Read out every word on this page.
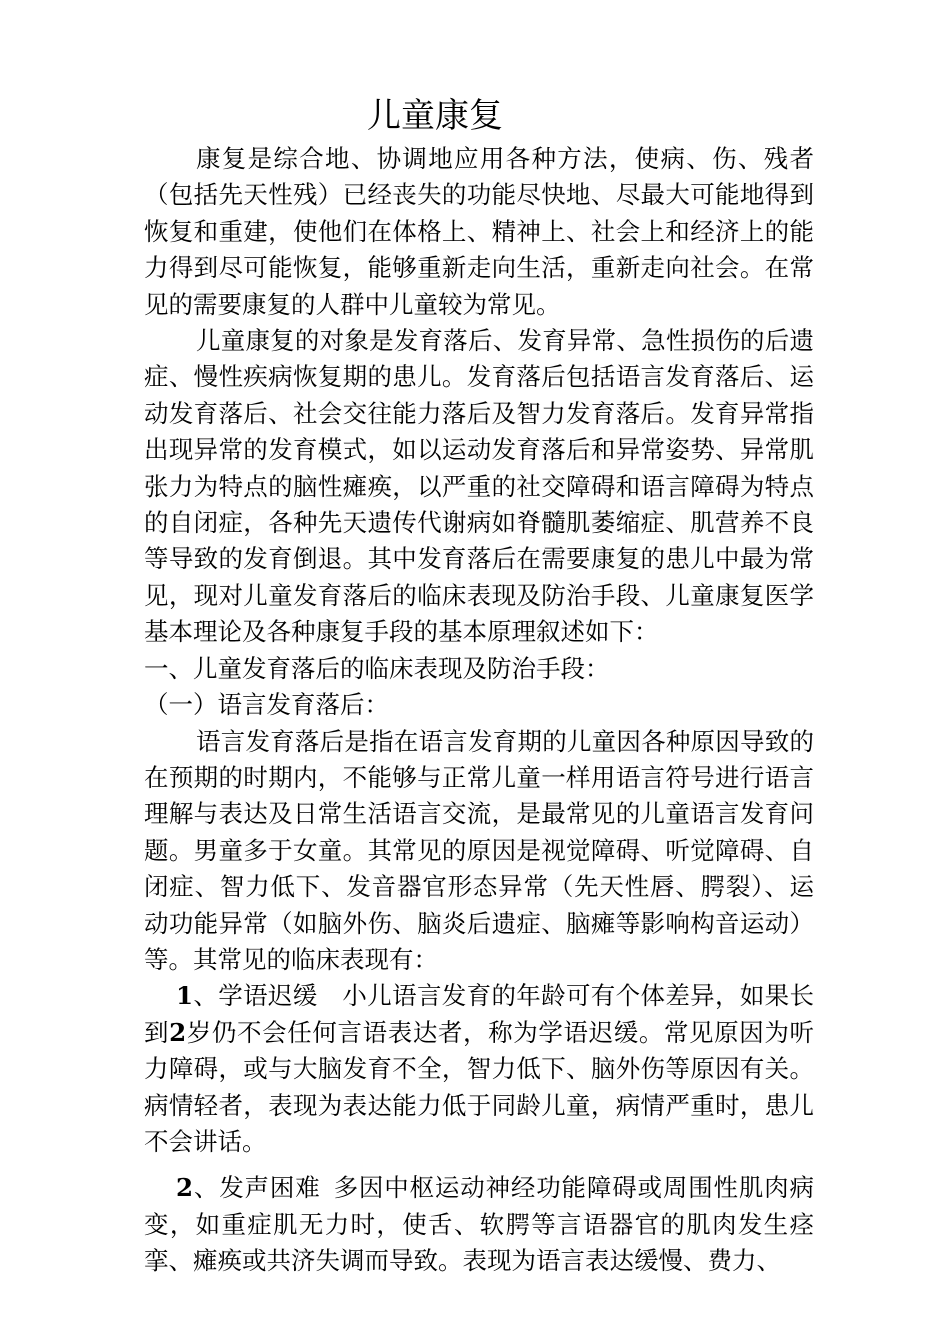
儿童康复

康复是综合地、协调地应用各种方法，使病、伤、残者（包括先天性残）已经丧失的功能尽快地、尽最大可能地得到恢复和重建，使他们在体格上、精神上、社会上和经济上的能力得到尽可能恢复，能够重新走向生活，重新走向社会。在常见的需要康复的人群中儿童较为常见。

儿童康复的对象是发育落后、发育异常、急性损伤的后遗症、慢性疾病恢复期的患儿。发育落后包括语言发育落后、运动发育落后、社会交往能力落后及智力发育落后。发育异常指出现异常的发育模式，如以运动发育落后和异常姿势、异常肌张力为特点的脑性瘫痪，以严重的社交障碍和语言障碍为特点的自闭症，各种先天遗传代谢病如脊髓肌萎缩症、肌营养不良等导致的发育倒退。其中发育落后在需要康复的患儿中最为常见，现对儿童发育落后的临床表现及防治手段、儿童康复医学基本理论及各种康复手段的基本原理叙述如下：

一、儿童发育落后的临床表现及防治手段：

（一）语言发育落后：

语言发育落后是指在语言发育期的儿童因各种原因导致的在预期的时期内，不能够与正常儿童一样用语言符号进行语言理解与表达及日常生活语言交流，是最常见的儿童语言发育问题。男童多于女童。其常见的原因是视觉障碍、听觉障碍、自闭症、智力低下、发音器官形态异常（先天性唇、腭裂）、运动功能异常（如脑外伤、脑炎后遗症、脑瘫等影响构音运动）等。其常见的临床表现有：

1、学语迟缓　小儿语言发育的年龄可有个体差异，如果长到2岁仍不会任何言语表达者，称为学语迟缓。常见原因为听力障碍，或与大脑发育不全，智力低下、脑外伤等原因有关。病情轻者，表现为表达能力低于同龄儿童，病情严重时，患儿不会讲话。

2、发声困难  多因中枢运动神经功能障碍或周围性肌肉病变，如重症肌无力时，使舌、软腭等言语器官的肌肉发生痉挛、瘫痪或共济失调而导致。表现为语言表达缓慢、费力、
